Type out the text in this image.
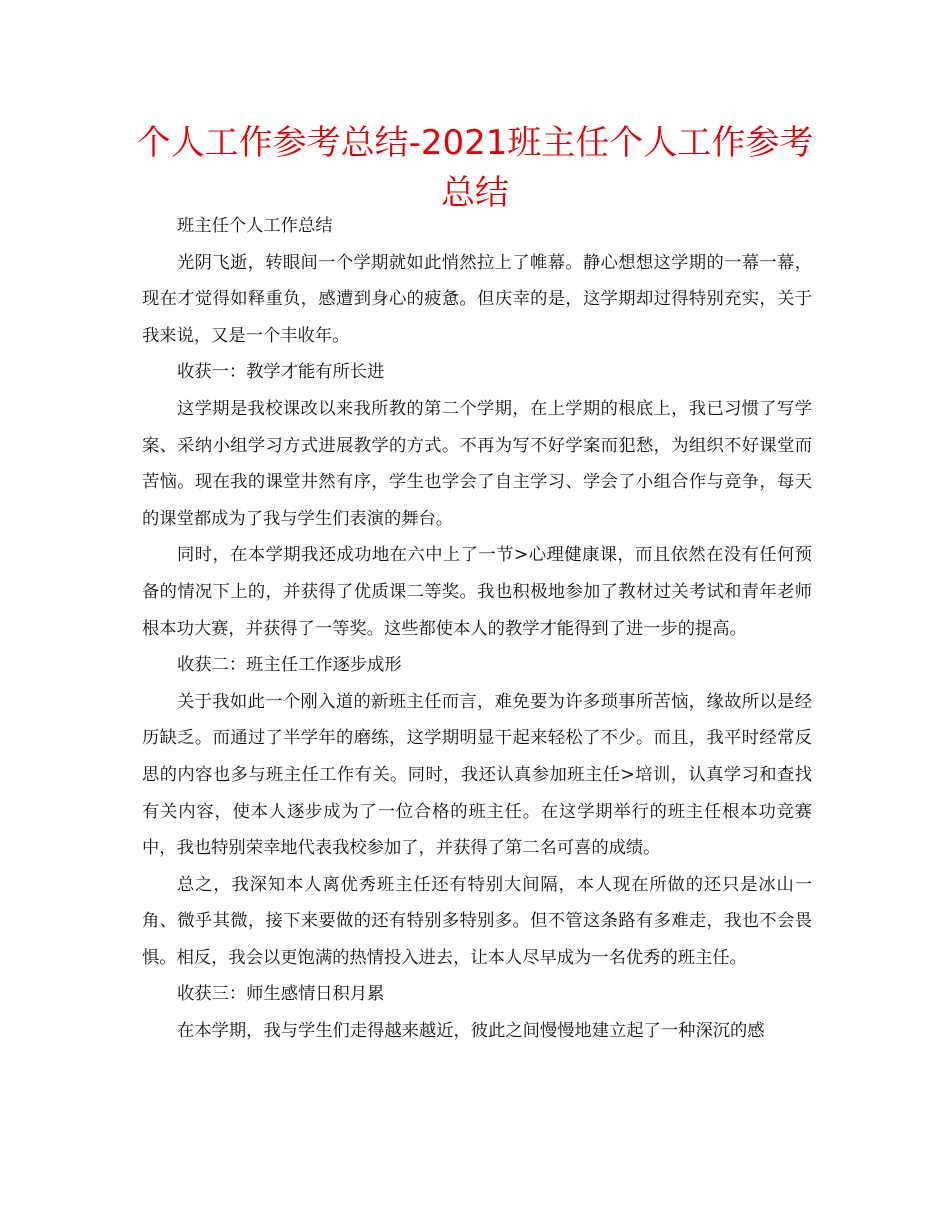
个人工作参考总结-2021班主任个人工作参考总结

班主任个人工作总结

光阴飞逝，转眼间一个学期就如此悄然拉上了帷幕。静心想想这学期的一幕一幕，现在才觉得如释重负，感遭到身心的疲惫。但庆幸的是，这学期却过得特别充实，关于我来说，又是一个丰收年。

收获一：教学才能有所长进

这学期是我校课改以来我所教的第二个学期，在上学期的根底上，我已习惯了写学案、采纳小组学习方式进展教学的方式。不再为写不好学案而犯愁，为组织不好课堂而苦恼。现在我的课堂井然有序，学生也学会了自主学习、学会了小组合作与竞争，每天的课堂都成为了我与学生们表演的舞台。

同时，在本学期我还成功地在六中上了一节>心理健康课，而且依然在没有任何预备的情况下上的，并获得了优质课二等奖。我也积极地参加了教材过关考试和青年老师根本功大赛，并获得了一等奖。这些都使本人的教学才能得到了进一步的提高。

收获二：班主任工作逐步成形

关于我如此一个刚入道的新班主任而言，难免要为许多琐事所苦恼，缘故所以是经历缺乏。而通过了半学年的磨练，这学期明显干起来轻松了不少。而且，我平时经常反思的内容也多与班主任工作有关。同时，我还认真参加班主任>培训，认真学习和查找有关内容，使本人逐步成为了一位合格的班主任。在这学期举行的班主任根本功竞赛中，我也特别荣幸地代表我校参加了，并获得了第二名可喜的成绩。

总之，我深知本人离优秀班主任还有特别大间隔，本人现在所做的还只是冰山一角、微乎其微，接下来要做的还有特别多特别多。但不管这条路有多难走，我也不会畏惧。相反，我会以更饱满的热情投入进去，让本人尽早成为一名优秀的班主任。

收获三：师生感情日积月累

在本学期，我与学生们走得越来越近，彼此之间慢慢地建立起了一种深沉的感
